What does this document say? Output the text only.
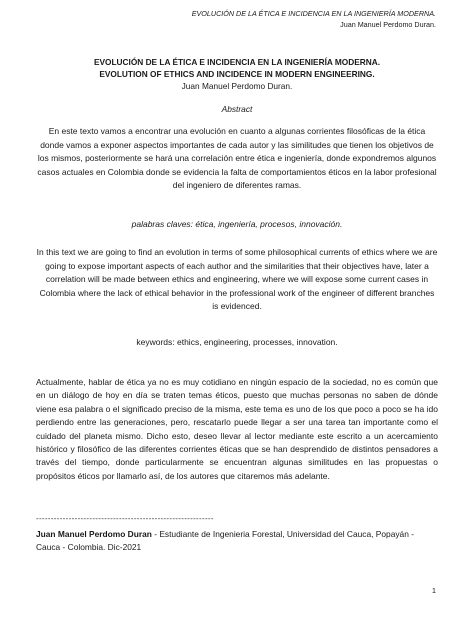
EVOLUCIÓN DE LA ÉTICA E INCIDENCIA EN LA INGENIERÍA MODERNA.
Juan Manuel Perdomo Duran.
EVOLUCIÓN DE LA ÉTICA E INCIDENCIA EN LA INGENIERÍA MODERNA.
EVOLUTION OF ETHICS AND INCIDENCE IN MODERN ENGINEERING.
Juan Manuel Perdomo Duran.
Abstract
En este texto vamos a encontrar una evolución en cuanto a algunas corrientes filosóficas de la ética donde vamos a exponer aspectos importantes de cada autor y las similitudes que tienen los objetivos de los mismos, posteriormente se hará una correlación entre ética e ingeniería, donde expondremos algunos casos actuales en Colombia donde se evidencia la falta de comportamientos éticos en la labor profesional del ingeniero de diferentes ramas.
palabras claves: ética, ingeniería, procesos, innovación.
In this text we are going to find an evolution in terms of some philosophical currents of ethics where we are going to expose important aspects of each author and the similarities that their objectives have, later a correlation will be made between ethics and engineering, where we will expose some current cases in Colombia where the lack of ethical behavior in the professional work of the engineer of different branches is evidenced.
keywords: ethics, engineering, processes, innovation.
Actualmente, hablar de ética ya no es muy cotidiano en ningún espacio de la sociedad, no es común que en un diálogo de hoy en día se traten temas éticos, puesto que muchas personas no saben de dónde viene esa palabra o el significado preciso de la misma, este tema es uno de los que poco a poco se ha ido perdiendo entre las generaciones, pero, rescatarlo puede llegar a ser una tarea tan importante como el cuidado del planeta mismo. Dicho esto, deseo llevar al lector mediante este escrito a un acercamiento histórico y filosófico de las diferentes corrientes éticas que se han desprendido de distintos pensadores a través del tiempo, donde particularmente se encuentran algunas similitudes en las propuestas o propósitos éticos por llamarlo así, de los autores que citaremos más adelante.
------------------------------------------------------------
Juan Manuel Perdomo Duran - Estudiante de Ingenieria Forestal, Universidad del Cauca, Popayán - Cauca - Colombia. Dic-2021
1
